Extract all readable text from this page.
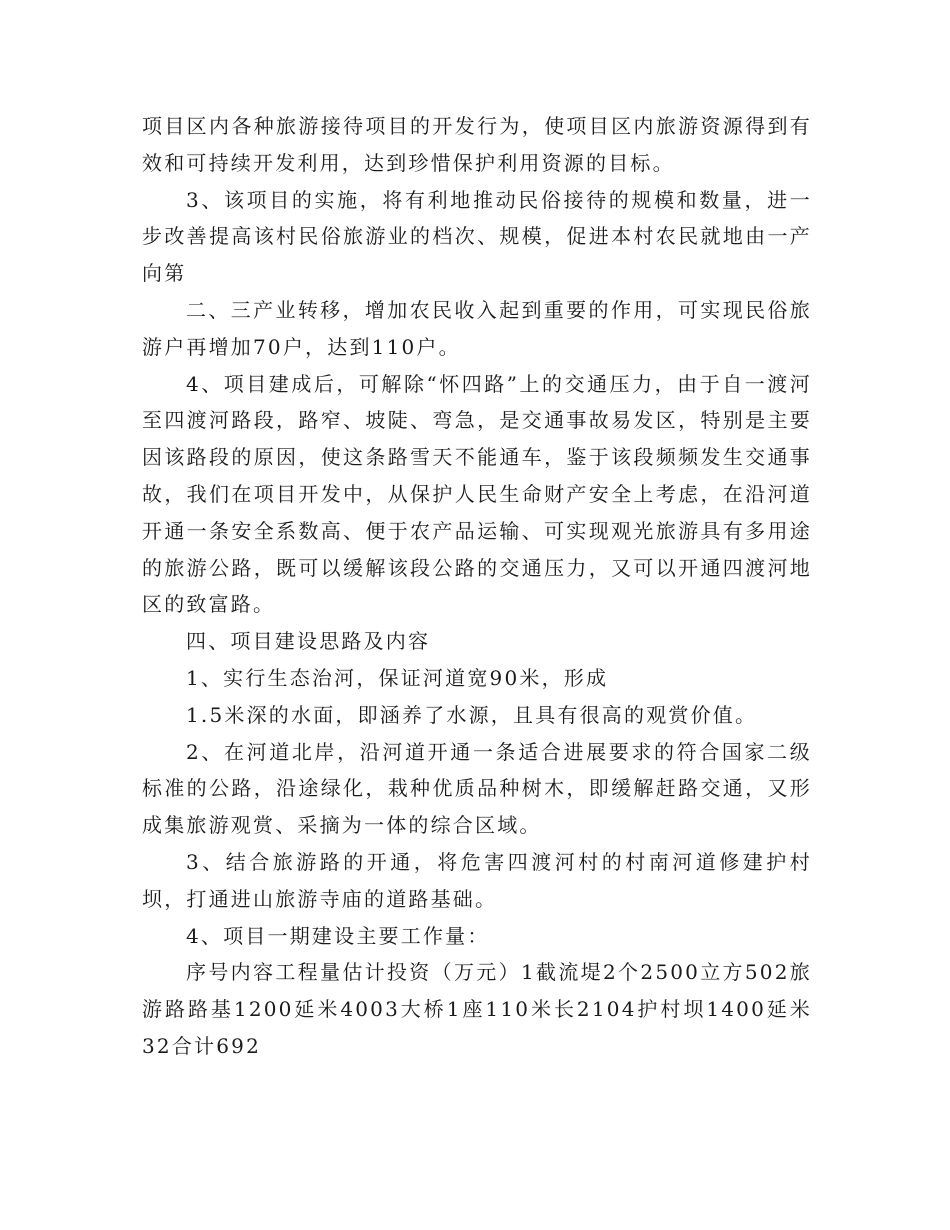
项目区内各种旅游接待项目的开发行为，使项目区内旅游资源得到有效和可持续开发利用，达到珍惜保护利用资源的目标。

3、该项目的实施，将有利地推动民俗接待的规模和数量，进一步改善提高该村民俗旅游业的档次、规模，促进本村农民就地由一产向第

二、三产业转移，增加农民收入起到重要的作用，可实现民俗旅游户再增加70户，达到110户。

4、项目建成后，可解除“怀四路”上的交通压力，由于自一渡河至四渡河路段，路窄、坡陡、弯急，是交通事故易发区，特别是主要因该路段的原因，使这条路雪天不能通车，鉴于该段频频发生交通事故，我们在项目开发中，从保护人民生命财产安全上考虑，在沿河道开通一条安全系数高、便于农产品运输、可实现观光旅游具有多用途的旅游公路，既可以缓解该段公路的交通压力，又可以开通四渡河地区的致富路。

四、项目建设思路及内容

1、实行生态治河，保证河道宽90米，形成

1.5米深的水面，即涵养了水源，且具有很高的观赏价值。

2、在河道北岸，沿河道开通一条适合进展要求的符合国家二级标准的公路，沿途绿化，栽种优质品种树木，即缓解赶路交通，又形成集旅游观赏、采摘为一体的综合区域。

3、结合旅游路的开通，将危害四渡河村的村南河道修建护村坝，打通进山旅游寺庙的道路基础。

4、项目一期建设主要工作量：

序号内容工程量估计投资（万元）1截流堤2个2500立方502旅游路路基1200延米4003大桥1座110米长2104护村坝1400延米32合计692
